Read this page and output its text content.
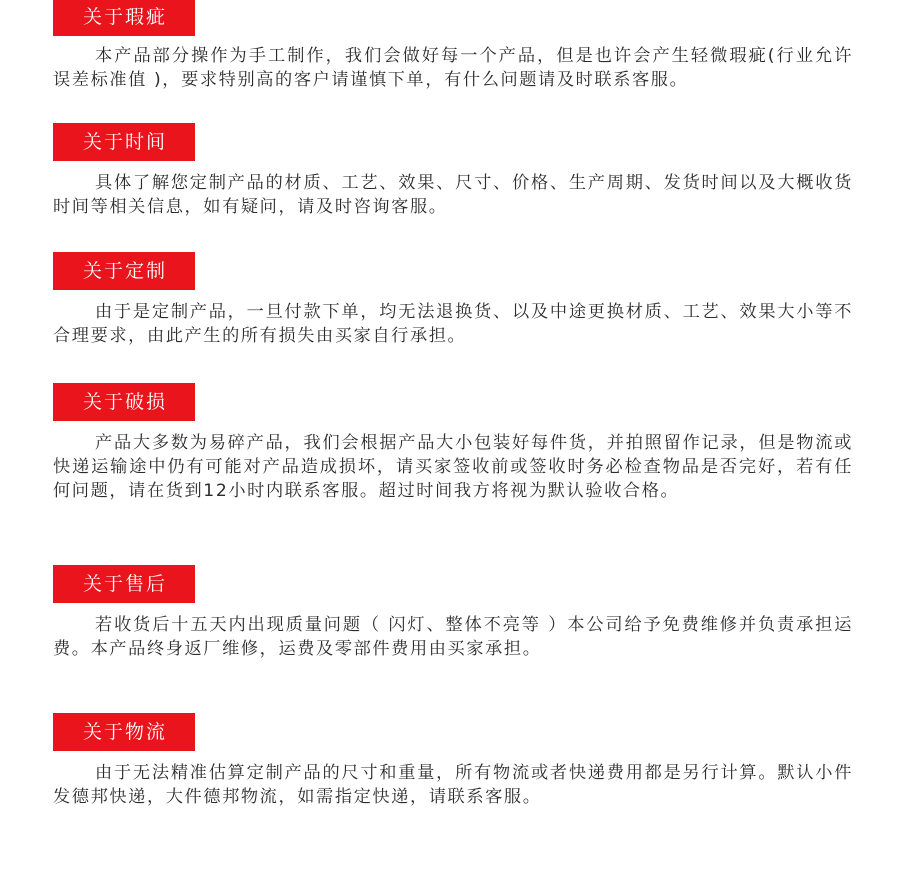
关于瑕疵

本产品部分操作为手工制作，我们会做好每一个产品，但是也许会产生轻微瑕疵(行业允许误差标准值 )，要求特别高的客户请谨慎下单，有什么问题请及时联系客服。

关于时间

具体了解您定制产品的材质、工艺、效果、尺寸、价格、生产周期、发货时间以及大概收货时间等相关信息，如有疑问，请及时咨询客服。

关于定制

由于是定制产品，一旦付款下单，均无法退换货、以及中途更换材质、工艺、效果大小等不合理要求，由此产生的所有损失由买家自行承担。

关于破损

产品大多数为易碎产品，我们会根据产品大小包装好每件货，并拍照留作记录，但是物流或快递运输途中仍有可能对产品造成损坏，请买家签收前或签收时务必检查物品是否完好，若有任何问题，请在货到12小时内联系客服。超过时间我方将视为默认验收合格。

关于售后

若收货后十五天内出现质量问题（ 闪灯、整体不亮等 ）本公司给予免费维修并负责承担运费。本产品终身返厂维修，运费及零部件费用由买家承担。

关于物流

由于无法精准估算定制产品的尺寸和重量，所有物流或者快递费用都是另行计算。默认小件发德邦快递，大件德邦物流，如需指定快递，请联系客服。
